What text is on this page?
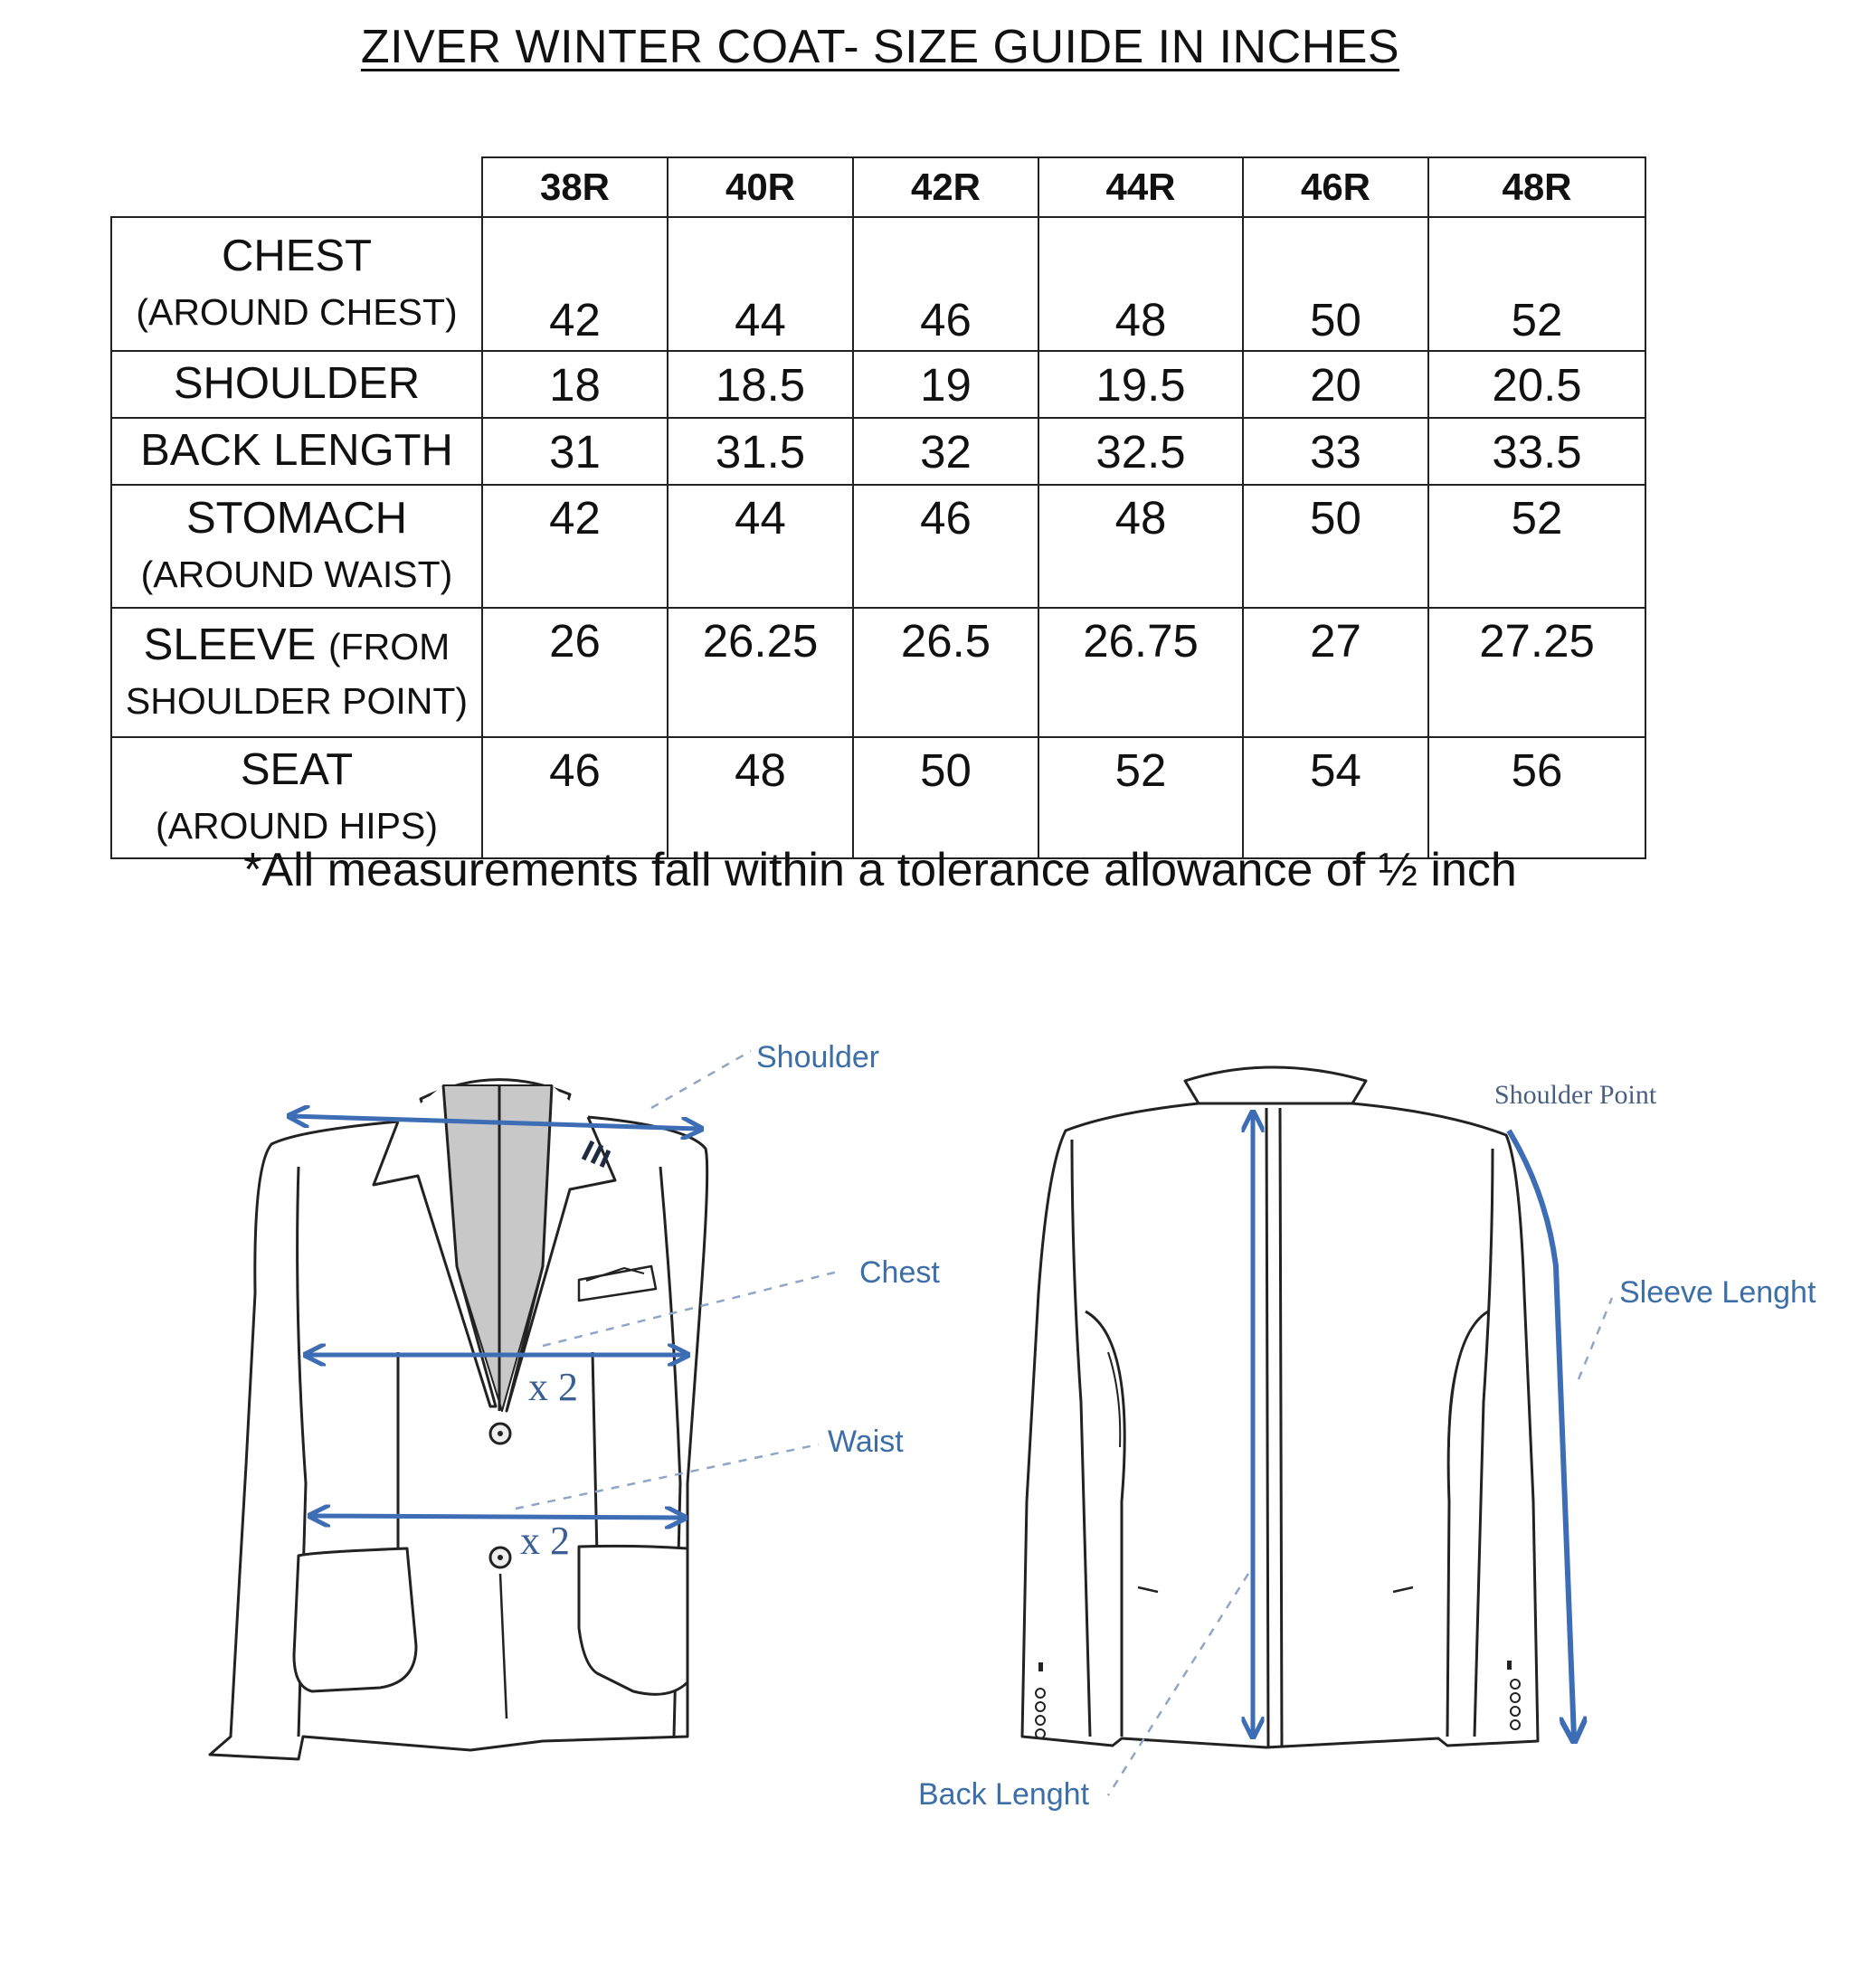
ZIVER WINTER COAT- SIZE GUIDE IN INCHES
	38R	40R	42R	44R	46R	48R
CHEST
(AROUND CHEST)	42	44	46	48	50	52
SHOULDER	18	18.5	19	19.5	20	20.5
BACK LENGTH	31	31.5	32	32.5	33	33.5
STOMACH
(AROUND WAIST)	42	44	46	48	50	52
SLEEVE (FROM
SHOULDER POINT)	26	26.25	26.5	26.75	27	27.25
SEAT
(AROUND HIPS)	46	48	50	52	54	56
*All measurements fall within a tolerance allowance of ½ inch
Shoulder
Chest
Waist
x 2
x 2
Shoulder Point
Sleeve Lenght
Back Lenght
